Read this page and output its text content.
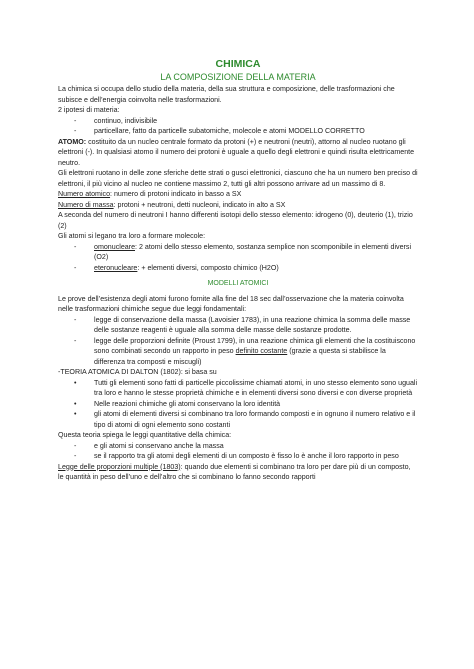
CHIMICA

LA COMPOSIZIONE DELLA MATERIA

La chimica si occupa dello studio della materia, della sua struttura e composizione, delle trasformazioni che subisce e dell’energia coinvolta nelle trasformazioni.

2 ipotesi di materia:

- continuo, indivisibile
- particellare, fatto da particelle subatomiche, molecole e atomi MODELLO CORRETTO

ATOMO: costituito da un nucleo centrale formato da protoni (+) e neutroni (neutri), attorno al nucleo ruotano gli elettroni (-). In qualsiasi atomo il numero dei protoni è uguale a quello degli elettroni e quindi risulta elettricamente neutro.

Gli elettroni ruotano in delle zone sferiche dette strati o gusci elettronici, ciascuno che ha un numero ben preciso di elettroni, il più vicino al nucleo ne contiene massimo 2, tutti gli altri possono arrivare ad un massimo di 8.

Numero atomico: numero di protoni indicato in basso a SX

Numero di massa: protoni + neutroni, detti nucleoni, indicato in alto a SX

A seconda del numero di neutroni I hanno differenti isotopi dello stesso elemento: idrogeno (0), deuterio (1), trizio (2)

Gli atomi si legano tra loro a formare molecole:

- omonucleare: 2 atomi dello stesso elemento, sostanza semplice non scomponibile in elementi diversi (O2)
- eteronucleare: + elementi diversi, composto chimico (H2O)

MODELLI ATOMICI

Le prove dell’esistenza degli atomi furono fornite alla fine del 18 sec dall’osservazione che la materia coinvolta nelle trasformazioni chimiche segue due leggi fondamentali:

- legge di conservazione della massa (Lavoisier 1783), in una reazione chimica la somma delle masse delle sostanze reagenti è uguale alla somma delle masse delle sostanze prodotte.
- legge delle proporzioni definite (Proust 1799), in una reazione chimica gli elementi che la costituiscono sono combinati secondo un rapporto in peso definito costante (grazie a questa si stabilisce la differenza tra composti e miscugli)

-TEORIA ATOMICA DI DALTON (1802): si basa su

• Tutti gli elementi sono fatti di particelle piccolissime chiamati atomi, in uno stesso elemento sono uguali tra loro e hanno le stesse proprietà chimiche e in elementi diversi sono diversi e con diverse proprietà
• Nelle reazioni chimiche gli atomi conservano la loro identità
• gli atomi di elementi diversi si combinano tra loro formando composti e in ognuno il numero relativo e il tipo di atomi di ogni elemento sono costanti

Questa teoria spiega le leggi quantitative della chimica:

- e gli atomi si conservano anche la massa
- se il rapporto tra gli atomi degli elementi di un composto è fisso lo è anche il loro rapporto in peso

Legge delle proporzioni multiple (1803): quando due elementi si combinano tra loro per dare più di un composto, le quantità in peso dell’uno e dell’altro che si combinano lo fanno secondo rapporti
